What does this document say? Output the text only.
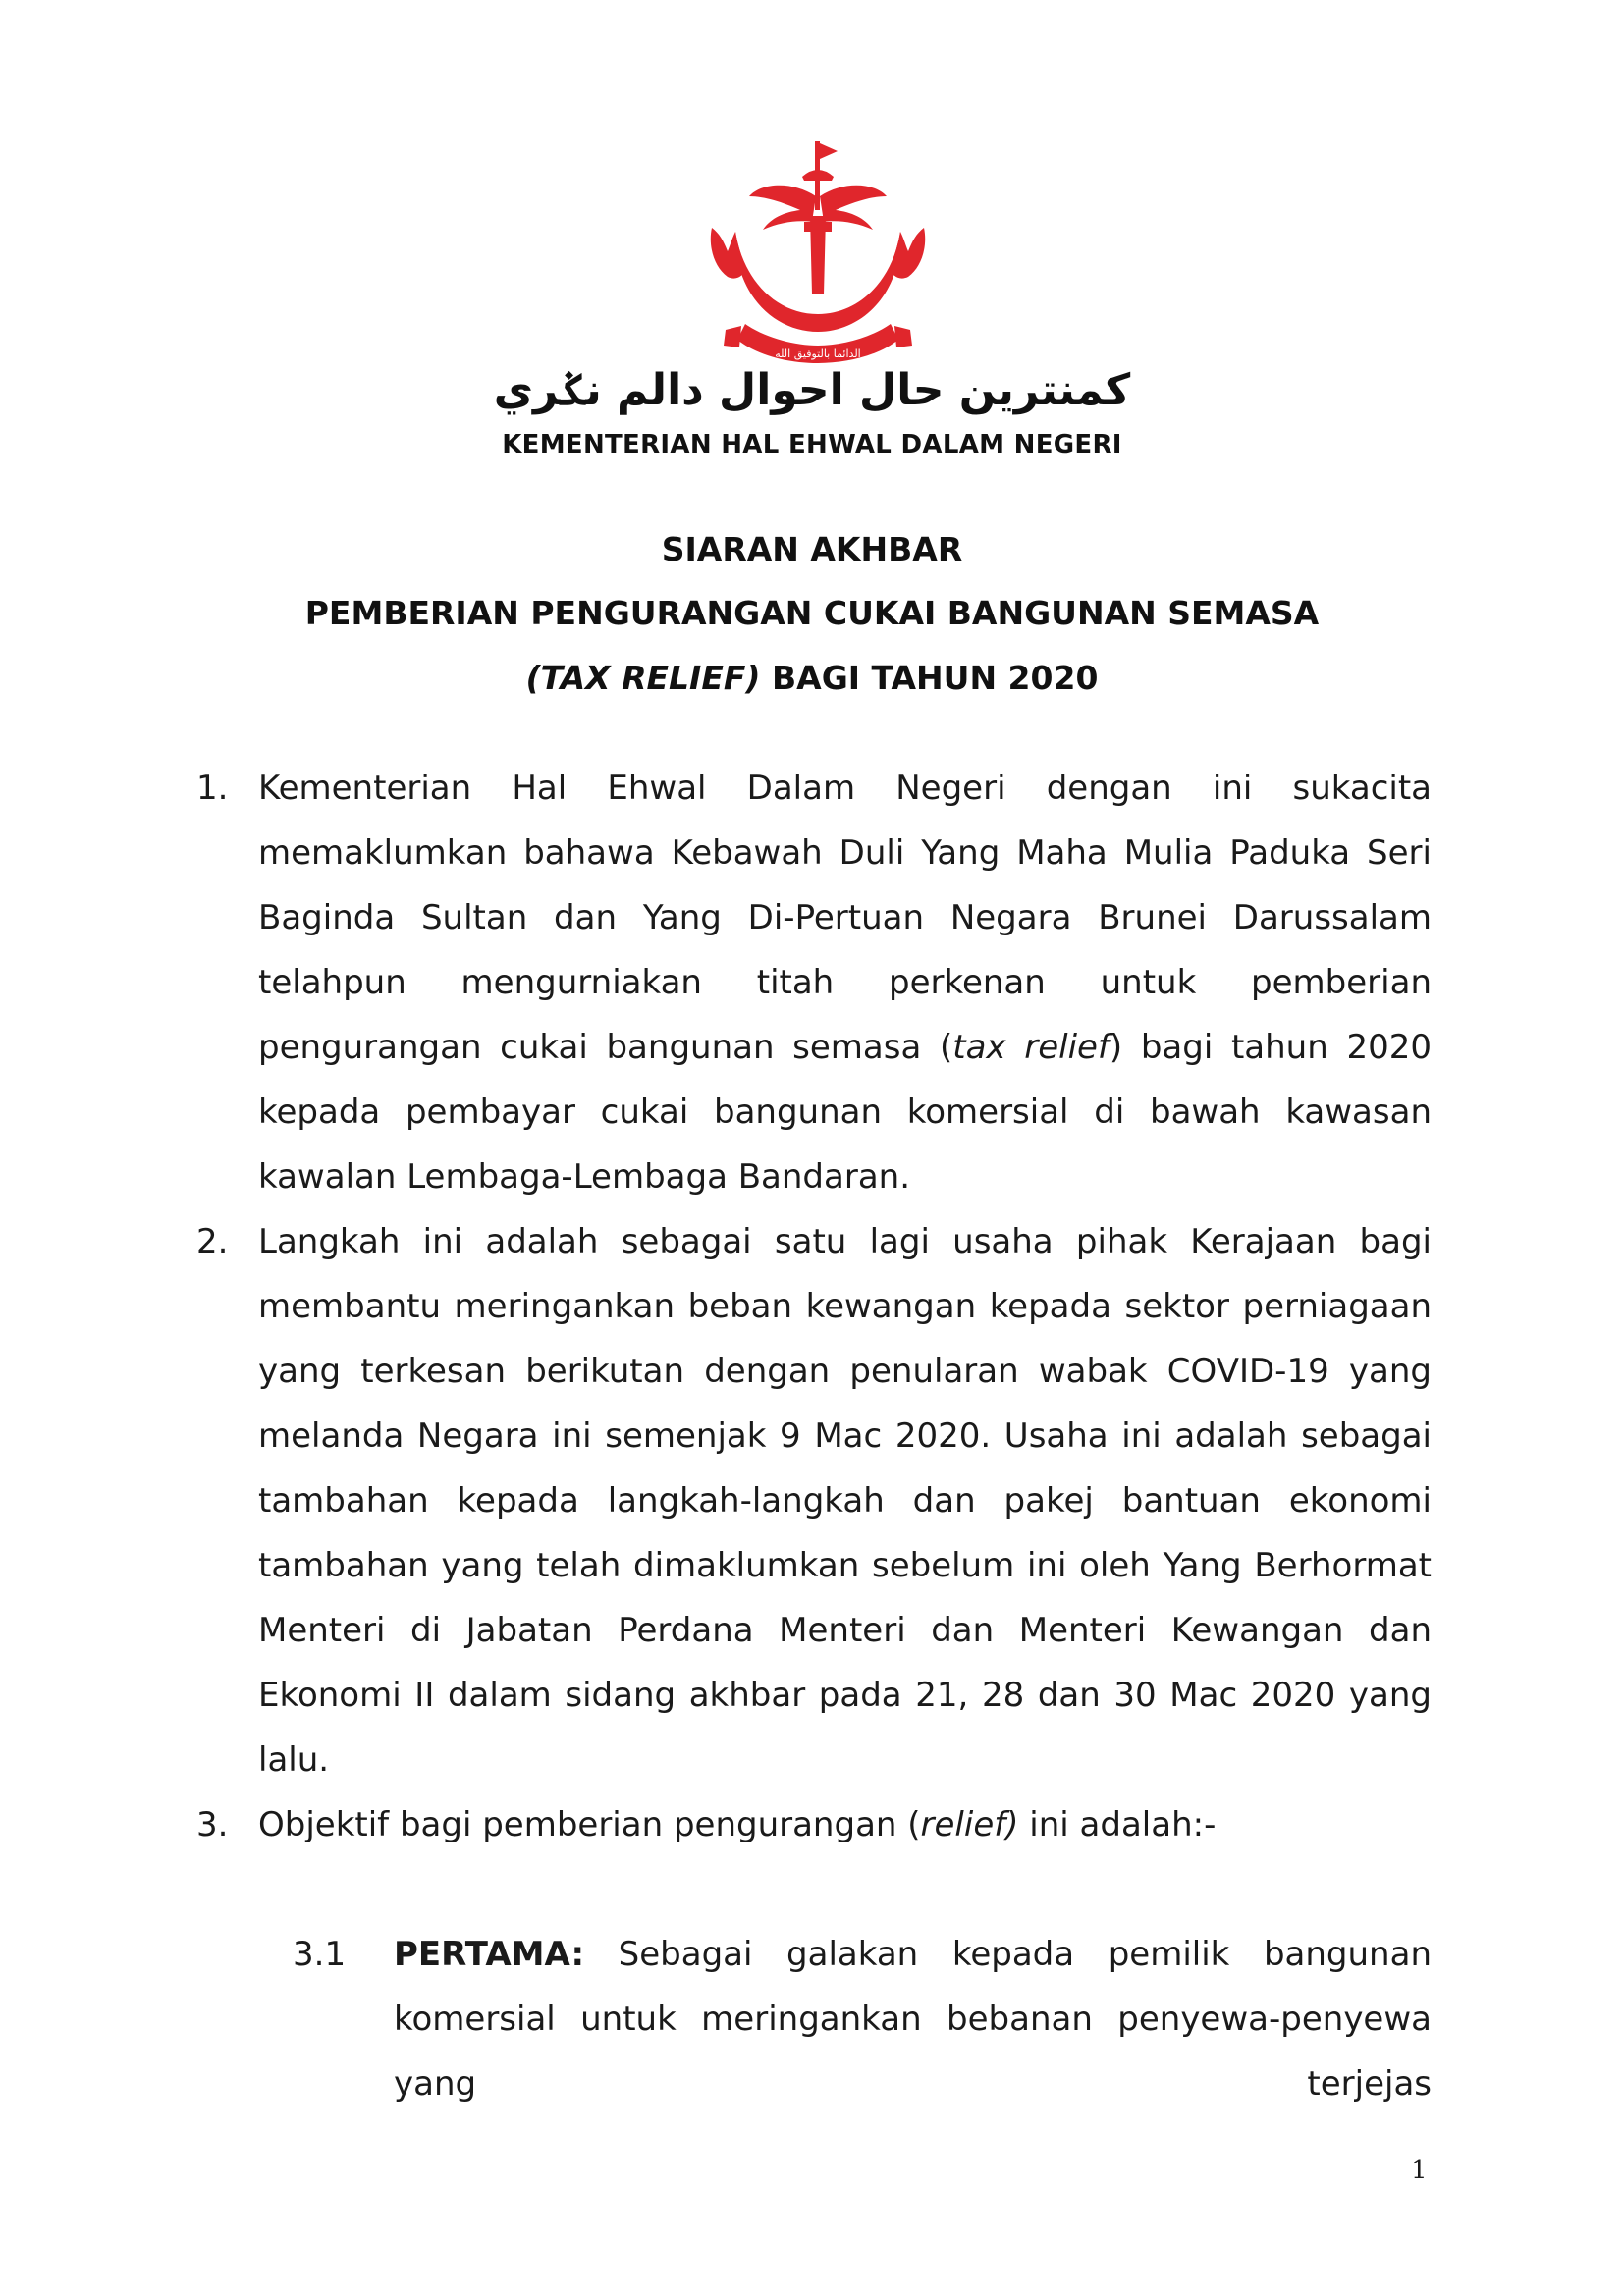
الدائما بالتوفيق الله
كمنترين حال احوال دالم نݢري
KEMENTERIAN HAL EHWAL DALAM NEGERI
SIARAN AKHBAR
PEMBERIAN PENGURANGAN CUKAI BANGUNAN SEMASA
(TAX RELIEF) BAGI TAHUN 2020
1. Kementerian Hal Ehwal Dalam Negeri dengan ini sukacita memaklumkan bahawa Kebawah Duli Yang Maha Mulia Paduka Seri Baginda Sultan dan Yang Di-Pertuan Negara Brunei Darussalam telahpun mengurniakan titah perkenan untuk pemberian pengurangan cukai bangunan semasa (tax relief) bagi tahun 2020 kepada pembayar cukai bangunan komersial di bawah kawasan kawalan Lembaga-Lembaga Bandaran.
2. Langkah ini adalah sebagai satu lagi usaha pihak Kerajaan bagi membantu meringankan beban kewangan kepada sektor perniagaan yang terkesan berikutan dengan penularan wabak COVID-19 yang melanda Negara ini semenjak 9 Mac 2020. Usaha ini adalah sebagai tambahan kepada langkah-langkah dan pakej bantuan ekonomi tambahan yang telah dimaklumkan sebelum ini oleh Yang Berhormat Menteri di Jabatan Perdana Menteri dan Menteri Kewangan dan Ekonomi II dalam sidang akhbar pada 21, 28 dan 30 Mac 2020 yang lalu.
3. Objektif bagi pemberian pengurangan (relief) ini adalah:-
3.1 PERTAMA: Sebagai galakan kepada pemilik bangunan komersial untuk meringankan bebanan penyewa-penyewa yang terjejas
1
